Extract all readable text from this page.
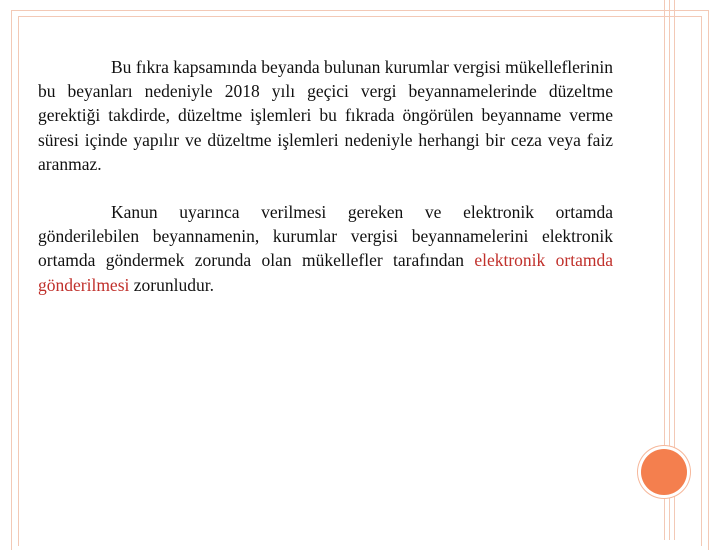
Bu fıkra kapsamında beyanda bulunan kurumlar vergisi mükelleflerinin bu beyanları nedeniyle 2018 yılı geçici vergi beyannamelerinde düzeltme gerektiği takdirde, düzeltme işlemleri bu fıkrada öngörülen beyanname verme süresi içinde yapılır ve düzeltme işlemleri nedeniyle herhangi bir ceza veya faiz aranmaz.

Kanun uyarınca verilmesi gereken ve elektronik ortamda gönderilebilen beyannamenin, kurumlar vergisi beyannamelerini elektronik ortamda göndermek zorunda olan mükellefler tarafından elektronik ortamda gönderilmesi zorunludur.
